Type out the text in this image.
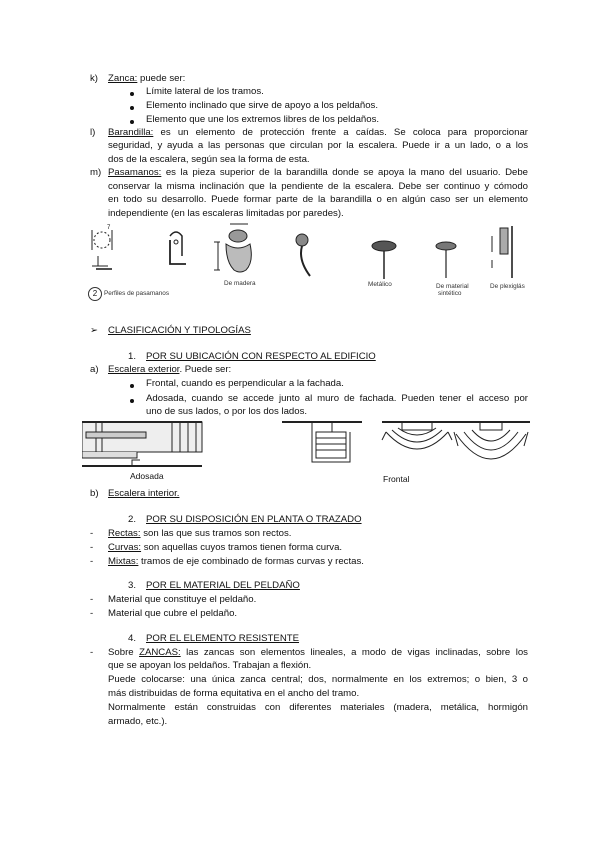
k) Zanca: puede ser:
Límite lateral de los tramos.
Elemento inclinado que sirve de apoyo a los peldaños.
Elemento que une los extremos libres de los peldaños.
l) Barandilla: es un elemento de protección frente a caídas. Se coloca para proporcionar
seguridad, y ayuda a las personas que circulan por la escalera. Puede ir a un lado, o a los
dos de la escalera, según sea la forma de esta.
m) Pasamanos: es la pieza superior de la barandilla donde se apoya la mano del usuario. Debe
conservar la misma inclinación que la pendiente de la escalera. Debe ser continuo y cómodo
en todo su desarrollo. Puede formar parte de la barandilla o en algún caso ser un elemento
independiente (en las escaleras limitadas por paredes).
7
2	Perfiles de pasamanos
De madera	Metálico	De material
sintético
De plexiglás
➢ CLASIFICACIÓN Y TIPOLOGÍAS
1. POR SU UBICACIÓN CON RESPECTO AL EDIFICIO
a) Escalera exterior. Puede ser:
Frontal, cuando es perpendicular a la fachada.
Adosada, cuando se accede junto al muro de fachada. Pueden tener el acceso por
uno de sus lados, o por los dos lados.
Adosada	Frontal
b) Escalera interior.
2. POR SU DISPOSICIÓN EN PLANTA O TRAZADO
- Rectas: son las que sus tramos son rectos.
- Curvas: son aquellas cuyos tramos tienen forma curva.
- Mixtas: tramos de eje combinado de formas curvas y rectas.
3. POR EL MATERIAL DEL PELDAÑO
- Material que constituye el peldaño.
- Material que cubre el peldaño.
4. POR EL ELEMENTO RESISTENTE
- Sobre ZANCAS: las zancas son elementos lineales, a modo de vigas inclinadas, sobre los
que se apoyan los peldaños. Trabajan a flexión.
Puede colocarse: una única zanca central; dos, normalmente en los extremos; o bien, 3 o
más distribuidas de forma equitativa en el ancho del tramo.
Normalmente están construidas con diferentes materiales (madera, metálica, hormigón
armado, etc.).
